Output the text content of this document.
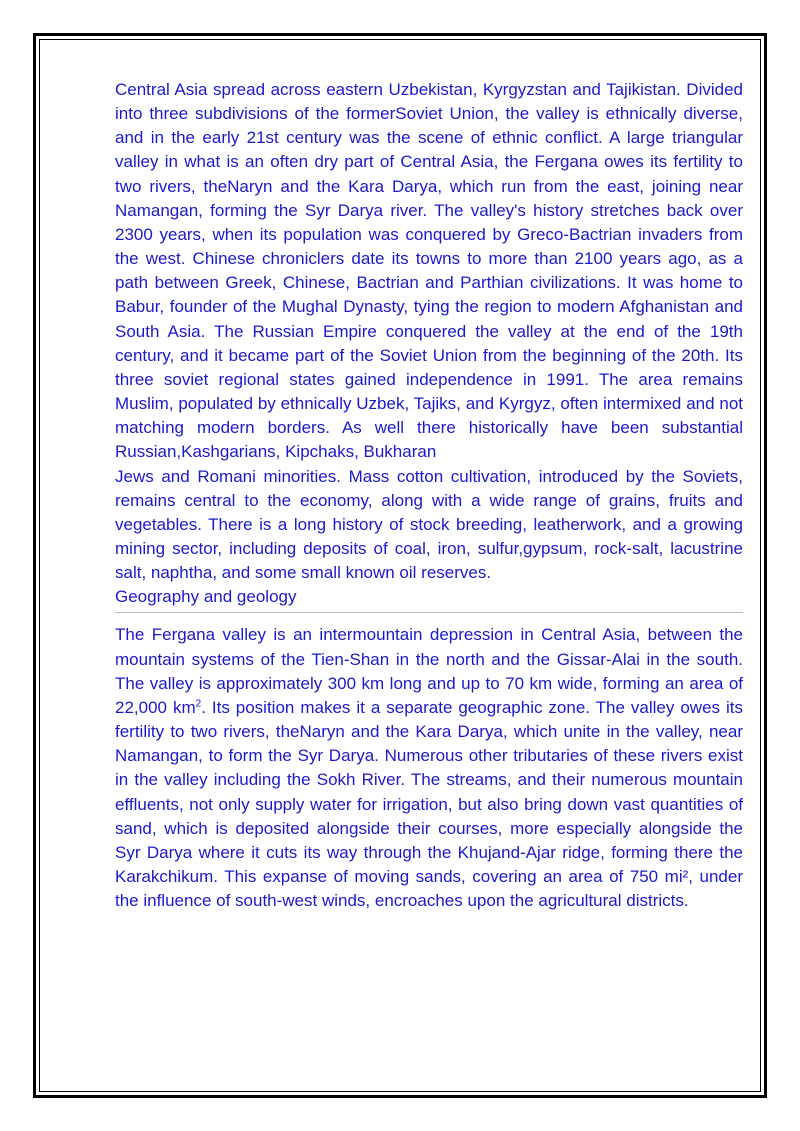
Central Asia spread across eastern Uzbekistan, Kyrgyzstan and Tajikistan. Divided into three subdivisions of the formerSoviet Union, the valley is ethnically diverse, and in the early 21st century was the scene of ethnic conflict. A large triangular valley in what is an often dry part of Central Asia, the Fergana owes its fertility to two rivers, theNaryn and the Kara Darya, which run from the east, joining near Namangan, forming the Syr Darya river. The valley's history stretches back over 2300 years, when its population was conquered by Greco-Bactrian invaders from the west. Chinese chroniclers date its towns to more than 2100 years ago, as a path between Greek, Chinese, Bactrian and Parthian civilizations. It was home to Babur, founder of the Mughal Dynasty, tying the region to modern Afghanistan and South Asia. The Russian Empire conquered the valley at the end of the 19th century, and it became part of the Soviet Union from the beginning of the 20th. Its three soviet regional states gained independence in 1991. The area remains Muslim, populated by ethnically Uzbek, Tajiks, and Kyrgyz, often intermixed and not matching modern borders. As well there historically have been substantial Russian,Kashgarians, Kipchaks, Bukharan

Jews and Romani minorities. Mass cotton cultivation, introduced by the Soviets, remains central to the economy, along with a wide range of grains, fruits and vegetables. There is a long history of stock breeding, leatherwork, and a growing mining sector, including deposits of coal, iron, sulfur,gypsum, rock-salt, lacustrine salt, naphtha, and some small known oil reserves.

Geography and geology

The Fergana valley is an intermountain depression in Central Asia, between the mountain systems of the Tien-Shan in the north and the Gissar-Alai in the south. The valley is approximately 300 km long and up to 70 km wide, forming an area of 22,000 $km^2$. Its position makes it a separate geographic zone. The valley owes its fertility to two rivers, theNaryn and the Kara Darya, which unite in the valley, near Namangan, to form the Syr Darya. Numerous other tributaries of these rivers exist in the valley including the Sokh River. The streams, and their numerous mountain effluents, not only supply water for irrigation, but also bring down vast quantities of sand, which is deposited alongside their courses, more especially alongside the Syr Darya where it cuts its way through the Khujand-Ajar ridge, forming there the Karakchikum. This expanse of moving sands, covering an area of 750 mi², under the influence of south-west winds, encroaches upon the agricultural districts.
